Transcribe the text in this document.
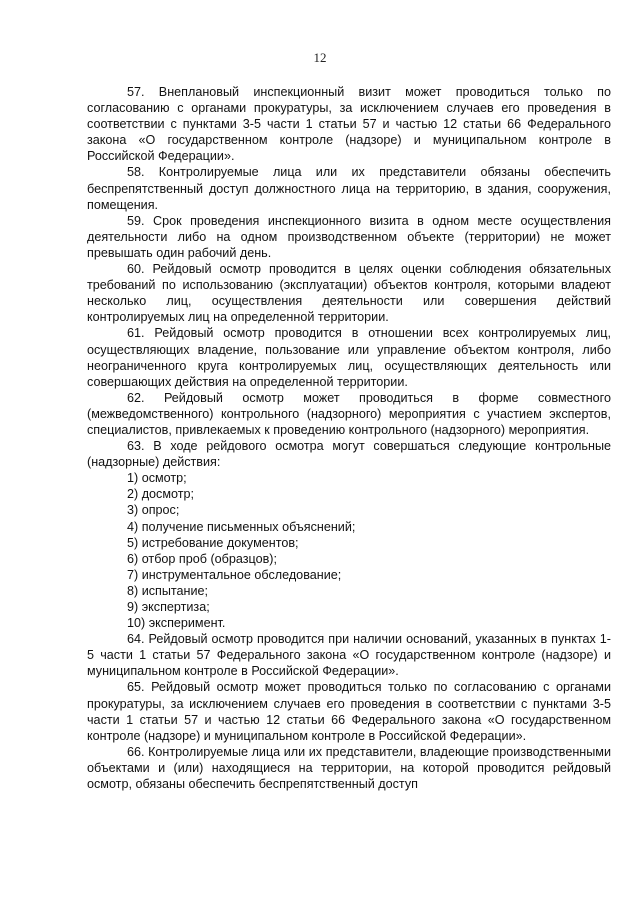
12

57. Внеплановый инспекционный визит может проводиться только по согласованию с органами прокуратуры, за исключением случаев его проведения в соответствии с пунктами 3-5 части 1 статьи 57 и частью 12 статьи 66 Федерального закона «О государственном контроле (надзоре) и муниципальном контроле в Российской Федерации».

58. Контролируемые лица или их представители обязаны обеспечить беспрепятственный доступ должностного лица на территорию, в здания, сооружения, помещения.

59. Срок проведения инспекционного визита в одном месте осуществления деятельности либо на одном производственном объекте (территории) не может превышать один рабочий день.

60. Рейдовый осмотр проводится в целях оценки соблюдения обязательных требований по использованию (эксплуатации) объектов контроля, которыми владеют несколько лиц, осуществления деятельности или совершения действий контролируемых лиц на определенной территории.

61. Рейдовый осмотр проводится в отношении всех контролируемых лиц, осуществляющих владение, пользование или управление объектом контроля, либо неограниченного круга контролируемых лиц, осуществляющих деятельность или совершающих действия на определенной территории.

62. Рейдовый осмотр может проводиться в форме совместного (межведомственного) контрольного (надзорного) мероприятия с участием экспертов, специалистов, привлекаемых к проведению контрольного (надзорного) мероприятия.

63. В ходе рейдового осмотра могут совершаться следующие контрольные (надзорные) действия:

1) осмотр;
2) досмотр;
3) опрос;
4) получение письменных объяснений;
5) истребование документов;
6) отбор проб (образцов);
7) инструментальное обследование;
8) испытание;
9) экспертиза;
10) эксперимент.

64. Рейдовый осмотр проводится при наличии оснований, указанных в пунктах 1-5 части 1 статьи 57 Федерального закона «О государственном контроле (надзоре) и муниципальном контроле в Российской Федерации».

65. Рейдовый осмотр может проводиться только по согласованию с органами прокуратуры, за исключением случаев его проведения в соответствии с пунктами 3-5 части 1 статьи 57 и частью 12 статьи 66 Федерального закона «О государственном контроле (надзоре) и муниципальном контроле в Российской Федерации».

66. Контролируемые лица или их представители, владеющие производственными объектами и (или) находящиеся на территории, на которой проводится рейдовый осмотр, обязаны обеспечить беспрепятственный доступ
